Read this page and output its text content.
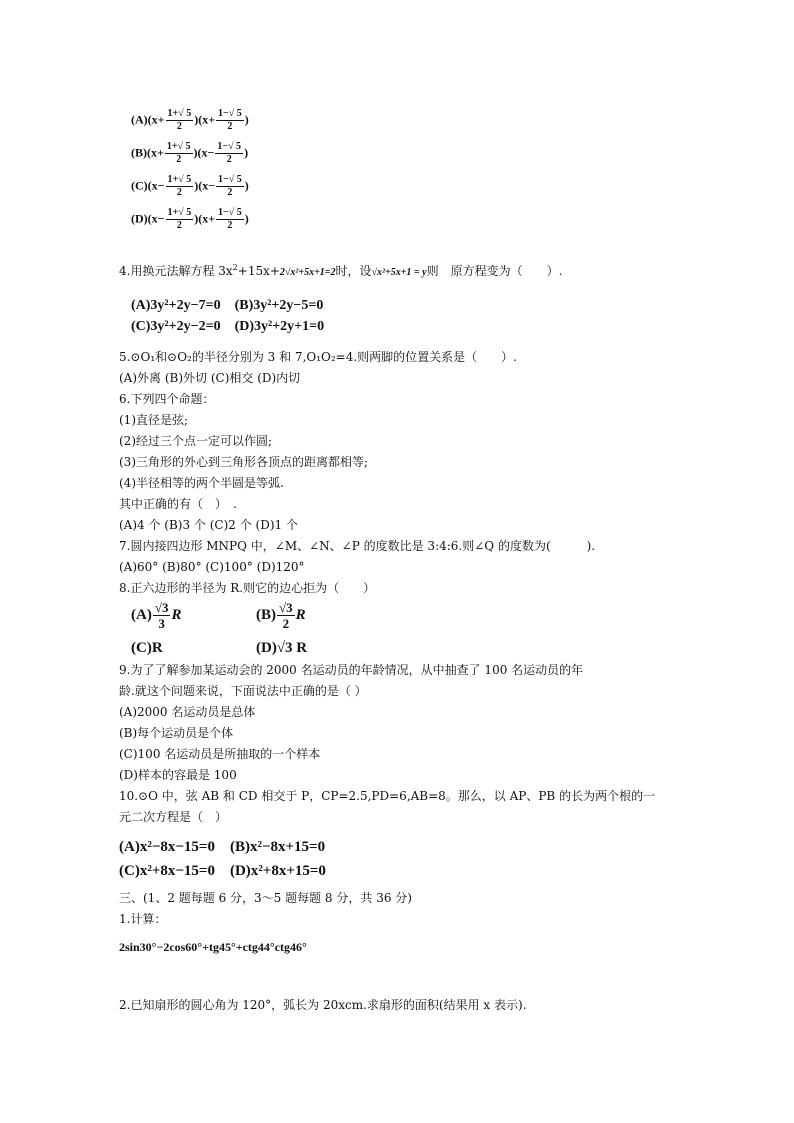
$(A)(x+ \frac{1+√ 5}{2} )(x+ \frac{1-√ 5}{2}$ )
$(B)(x+ \frac{1+√ 5}{2} )(x- \frac{1-√ 5}{2}$ )
$(C)(x- \frac{1+√ 5}{2} )(x- \frac{1-√ 5}{2}$ )
$(D)(x- \frac{1+√ 5}{2} )(x+ \frac{1-√ 5}{2}$ )
4.用换元法解方程 $3x^2+15x+2√x^2+5x+1=2$时，设√x²+5x+1 = y则　原方程变为（　　）.
(A)3y²+2y−7=0　(B)3y²+2y−5=0
(C)3y²+2y−2=0　(D)3y²+2y+1=0
5.⊙O₁和⊙O₂的半径分别为 3 和 7,O₁O₂=4.则两脚的位置关系是（　　）.
(A)外离 (B)外切 (C)相交 (D)内切
6.下列四个命题：
(1)直径是弦;
(2)经过三个点一定可以作圆;
(3)三角形的外心到三角形各顶点的距离都相等;
(4)半径相等的两个半圆是等弧.
其中正确的有（　）　.
(A)4 个 (B)3 个 (C)2 个 (D)1 个
7.圆内接四边形 MNPQ 中，∠M、∠N、∠P 的度数比是 3:4:6.则∠Q 的度数为(　　　).
(A)60° (B)80° (C)100° (D)120°
8.正六边形的半径为 R.则它的边心拒为（　　）
$(A) \frac{√3}{3}$ R	$(B) \frac{√3}{2}$ R
(C)R	(D)√3 R
9.为了了解参加某运动会的 2000 名运动员的年龄情况，从中抽查了 100 名运动员的年
龄.就这个问题来说，下面说法中正确的是（ ）
(A)2000 名运动员是总体
(B)每个运动员是个体
(C)100 名运动员是所抽取的一个样本
(D)样本的容最是 100
10.⊙O 中，弦 AB 和 CD 相交于 P，CP=2.5,PD=6,AB=8。那么，以 AP、PB 的长为两个根的一
元二次方程是（　）
(A)x²−8x−15=0　(B)x²−8x+15=0
(C)x²+8x−15=0　(D)x²+8x+15=0
三、(1、2 题每题 6 分，3～5 题每题 8 分，共 36 分)
1.计算：
2sin30°−2cos60°+tg45°+ctg44°ctg46°
2.已知扇形的圆心角为 120°，弧长为 20xcm.求扇形的面积(结果用 x 表示).
